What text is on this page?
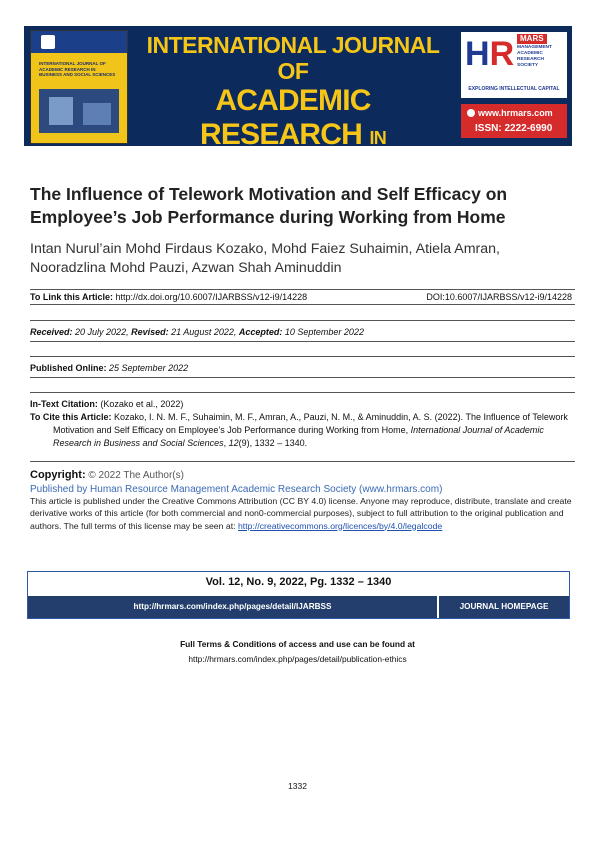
INTERNATIONAL JOURNAL OF ACADEMIC RESEARCH IN BUSINESS AND SOCIAL SCIENCES
INTERNATIONAL JOURNAL OF
ACADEMIC RESEARCH IN
HR MARS
MANAGEMENT ACADEMIC RESEARCH SOCIETY
EXPLORING INTELLECTUAL CAPITAL
www.hrmars.com
ISSN: 2222-6990
The Influence of Telework Motivation and Self Efficacy on Employee’s Job Performance during Working from Home
Intan Nurul’ain Mohd Firdaus Kozako, Mohd Faiez Suhaimin, Atiela Amran, Nooradzlina Mohd Pauzi, Azwan Shah Aminuddin
To Link this Article: http://dx.doi.org/10.6007/IJARBSS/v12-i9/14228	DOI:10.6007/IJARBSS/v12-i9/14228
Received: 20 July 2022, Revised: 21 August 2022, Accepted: 10 September 2022
Published Online: 25 September 2022
In-Text Citation: (Kozako et al., 2022)
To Cite this Article: Kozako, I. N. M. F., Suhaimin, M. F., Amran, A., Pauzi, N. M., & Aminuddin, A. S. (2022). The Influence of Telework Motivation and Self Efficacy on Employee’s Job Performance during Working from Home, International Journal of Academic Research in Business and Social Sciences, 12(9), 1332 – 1340.
Copyright: © 2022 The Author(s)
Published by Human Resource Management Academic Research Society (www.hrmars.com)
This article is published under the Creative Commons Attribution (CC BY 4.0) license. Anyone may reproduce, distribute, translate and create derivative works of this article (for both commercial and non0-commercial purposes), subject to full attribution to the original publication and authors. The full terms of this license may be seen at: http://creativecommons.org/licences/by/4.0/legalcode
Vol. 12, No. 9, 2022, Pg. 1332 – 1340
http://hrmars.com/index.php/pages/detail/IJARBSS	JOURNAL HOMEPAGE
Full Terms & Conditions of access and use can be found at
http://hrmars.com/index.php/pages/detail/publication-ethics
1332
